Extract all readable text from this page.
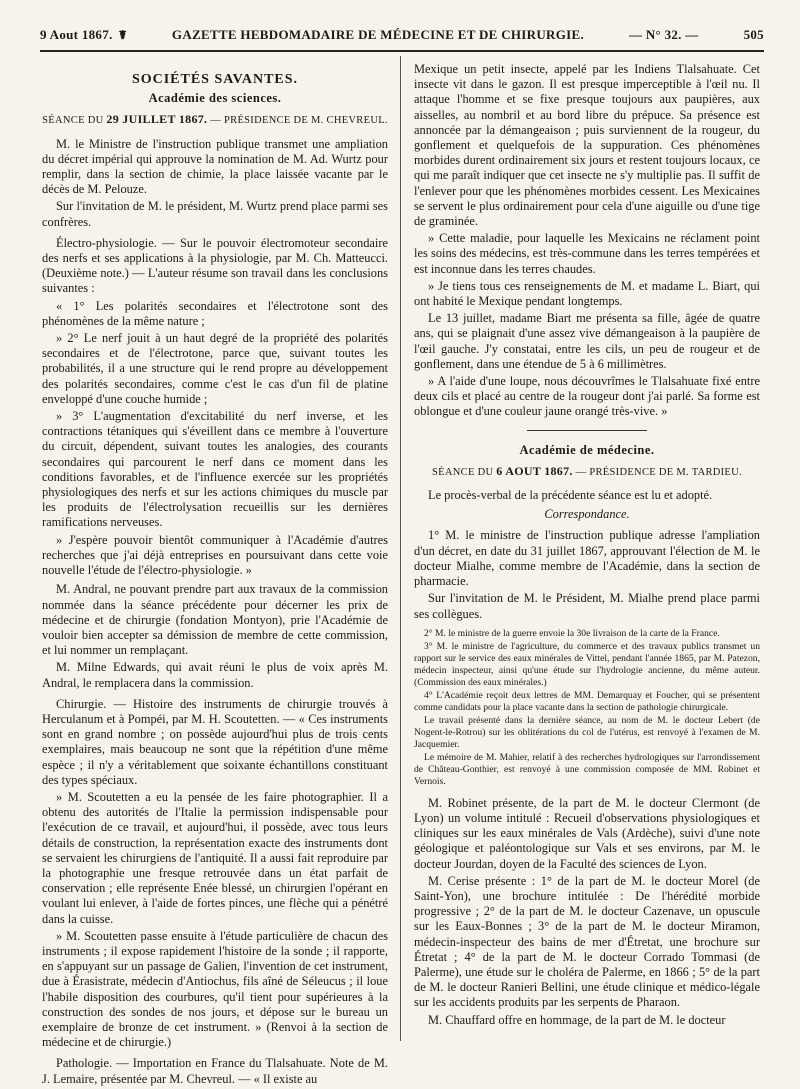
9 Aout 1867. ☤	GAZETTE HEBDOMADAIRE DE MÉDECINE ET DE CHIRURGIE.	— N° 32. —	505
SOCIÉTÉS SAVANTES.
Académie des sciences.
SÉANCE DU 29 JUILLET 1867. — PRÉSIDENCE DE M. CHEVREUL.

M. le Ministre de l'instruction publique transmet une ampliation du décret impérial qui approuve la nomination de M. Ad. Wurtz pour remplir, dans la section de chimie, la place laissée vacante par le décès de M. Pelouze.

Sur l'invitation de M. le président, M. Wurtz prend place parmi ses confrères.

Électro-physiologie. — Sur le pouvoir électromoteur secondaire des nerfs et ses applications à la physiologie, par M. Ch. Matteucci. (Deuxième note.) — L'auteur résume son travail dans les conclusions suivantes :

« 1° Les polarités secondaires et l'électrotone sont des phénomènes de la même nature ;

» 2° Le nerf jouit à un haut degré de la propriété des polarités secondaires et de l'électrotone, parce que, suivant toutes les probabilités, il a une structure qui le rend propre au développement des polarités secondaires, comme c'est le cas d'un fil de platine enveloppé d'une couche humide ;

» 3° L'augmentation d'excitabilité du nerf inverse, et les contractions tétaniques qui s'éveillent dans ce membre à l'ouverture du circuit, dépendent, suivant toutes les analogies, des courants secondaires qui parcourent le nerf dans ce moment dans les conditions favorables, et de l'influence exercée sur les propriétés physiologiques des nerfs et sur les actions chimiques du muscle par les produits de l'électrolysation recueillis sur les dernières ramifications nerveuses.

» J'espère pouvoir bientôt communiquer à l'Académie d'autres recherches que j'ai déjà entreprises en poursuivant dans cette voie nouvelle l'étude de l'électro-physiologie. »

M. Andral, ne pouvant prendre part aux travaux de la commission nommée dans la séance précédente pour décerner les prix de médecine et de chirurgie (fondation Montyon), prie l'Académie de vouloir bien accepter sa démission de membre de cette commission, et lui nommer un remplaçant.

M. Milne Edwards, qui avait réuni le plus de voix après M. Andral, le remplacera dans la commission.

Chirurgie. — Histoire des instruments de chirurgie trouvés à Herculanum et à Pompéi, par M. H. Scoutetten. — « Ces instruments sont en grand nombre ; on possède aujourd'hui plus de trois cents exemplaires, mais beaucoup ne sont que la répétition d'une même espèce ; il n'y a véritablement que soixante échantillons constituant des types spéciaux.

» M. Scoutetten a eu la pensée de les faire photographier. Il a obtenu des autorités de l'Italie la permission indispensable pour l'exécution de ce travail, et aujourd'hui, il possède, avec tous leurs détails de construction, la représentation exacte des instruments dont se servaient les chirurgiens de l'antiquité. Il a aussi fait reproduire par la photographie une fresque retrouvée dans un état parfait de conservation ; elle représente Enée blessé, un chirurgien l'opérant en voulant lui enlever, à l'aide de fortes pinces, une flèche qui a pénétré dans la cuisse.

» M. Scoutetten passe ensuite à l'étude particulière de chacun des instruments ; il expose rapidement l'histoire de la sonde ; il rapporte, en s'appuyant sur un passage de Galien, l'invention de cet instrument, due à Érasistrate, médecin d'Antiochus, fils aîné de Séleucus ; il loue l'habile disposition des courbures, qu'il tient pour supérieures à la construction des sondes de nos jours, et dépose sur le bureau un exemplaire de bronze de cet instrument. » (Renvoi à la section de médecine et de chirurgie.)

Pathologie. — Importation en France du Tlalsahuate. Note de M. J. Lemaire, présentée par M. Chevreul. — « Il existe au

Mexique un petit insecte, appelé par les Indiens Tlalsahuate. Cet insecte vit dans le gazon. Il est presque imperceptible à l'œil nu. Il attaque l'homme et se fixe presque toujours aux paupières, aux aisselles, au nombril et au bord libre du prépuce. Sa présence est annoncée par la démangeaison ; puis surviennent de la rougeur, du gonflement et quelquefois de la suppuration. Ces phénomènes morbides durent ordinairement six jours et restent toujours locaux, ce qui me paraît indiquer que cet insecte ne s'y multiplie pas. Il suffit de l'enlever pour que les phénomènes morbides cessent. Les Mexicaines se servent le plus ordinairement pour cela d'une aiguille ou d'une tige de graminée.

» Cette maladie, pour laquelle les Mexicains ne réclament point les soins des médecins, est très-commune dans les terres tempérées et est inconnue dans les terres chaudes.

» Je tiens tous ces renseignements de M. et madame L. Biart, qui ont habité le Mexique pendant longtemps.

Le 13 juillet, madame Biart me présenta sa fille, âgée de quatre ans, qui se plaignait d'une assez vive démangeaison à la paupière de l'œil gauche. J'y constatai, entre les cils, un peu de rougeur et de gonflement, dans une étendue de 5 à 6 millimètres.

» A l'aide d'une loupe, nous découvrîmes le Tlalsahuate fixé entre deux cils et placé au centre de la rougeur dont j'ai parlé. Sa forme est oblongue et d'une couleur jaune orangé très-vive. »

Académie de médecine.
SÉANCE DU 6 AOUT 1867. — PRÉSIDENCE DE M. TARDIEU.

Le procès-verbal de la précédente séance est lu et adopté.

Correspondance.

1° M. le ministre de l'instruction publique adresse l'ampliation d'un décret, en date du 31 juillet 1867, approuvant l'élection de M. le docteur Mialhe, comme membre de l'Académie, dans la section de pharmacie.

Sur l'invitation de M. le Président, M. Mialhe prend place parmi ses collègues.

2° M. le ministre de la guerre envoie la 30e livraison de la carte de la France.

3° M. le ministre de l'agriculture, du commerce et des travaux publics transmet un rapport sur le service des eaux minérales de Vittel, pendant l'année 1865, par M. Patezon, médecin inspecteur, ainsi qu'une étude sur l'hydrologie ancienne, du même auteur. (Commission des eaux minérales.)

4° L'Académie reçoit deux lettres de MM. Demarquay et Foucher, qui se présentent comme candidats pour la place vacante dans la section de pathologie chirurgicale.

Le travail présenté dans la dernière séance, au nom de M. le docteur Lebert (de Nogent-le-Rotrou) sur les oblitérations du col de l'utérus, est renvoyé à l'examen de M. Jacquemier.

Le mémoire de M. Mahier, relatif à des recherches hydrologiques sur l'arrondissement de Château-Gonthier, est renvoyé à une commission composée de MM. Robinet et Vernois.

M. Robinet présente, de la part de M. le docteur Clermont (de Lyon) un volume intitulé : Recueil d'observations physiologiques et cliniques sur les eaux minérales de Vals (Ardèche), suivi d'une note géologique et paléontologique sur Vals et ses environs, par M. le docteur Jourdan, doyen de la Faculté des sciences de Lyon.

M. Cerise présente : 1° de la part de M. le docteur Morel (de Saint-Yon), une brochure intitulée : De l'hérédité morbide progressive ; 2° de la part de M. le docteur Cazenave, un opuscule sur les Eaux-Bonnes ; 3° de la part de M. le docteur Miramon, médecin-inspecteur des bains de mer d'Étretat, une brochure sur Étretat ; 4° de la part de M. le docteur Corrado Tommasi (de Palerme), une étude sur le choléra de Palerme, en 1866 ; 5° de la part de M. le docteur Ranieri Bellini, une étude clinique et médico-légale sur les accidents produits par les serpents de Pharaon.

M. Chauffard offre en hommage, de la part de M. le docteur
